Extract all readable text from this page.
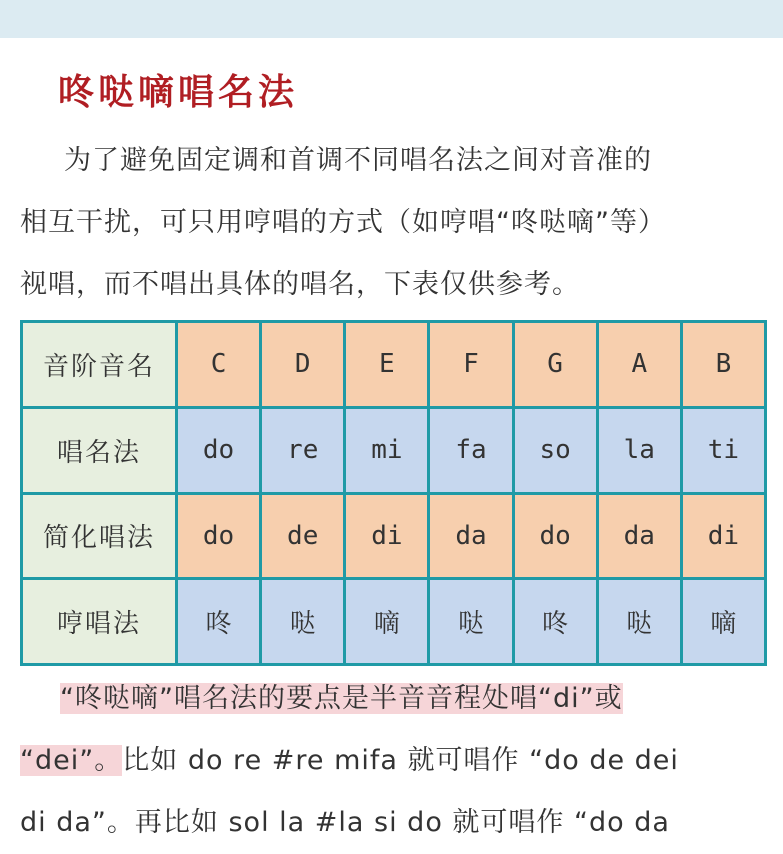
咚哒嘀唱名法
为了避免固定调和首调不同唱名法之间对音准的
相互干扰，可只用哼唱的方式（如哼唱“咚哒嘀”等）
视唱，而不唱出具体的唱名，下表仅供参考。
音阶音名	C	D	E	F	G	A	B
唱名法	do	re	mi	fa	so	la	ti
简化唱法	do	de	di	da	do	da	di
哼唱法	咚	哒	嘀	哒	咚	哒	嘀
“咚哒嘀”唱名法的要点是半音音程处唱“di”或
“dei”。比如 do re #re mifa 就可唱作 “do de dei
di da”。再比如 sol la #la si do 就可唱作 “do da
